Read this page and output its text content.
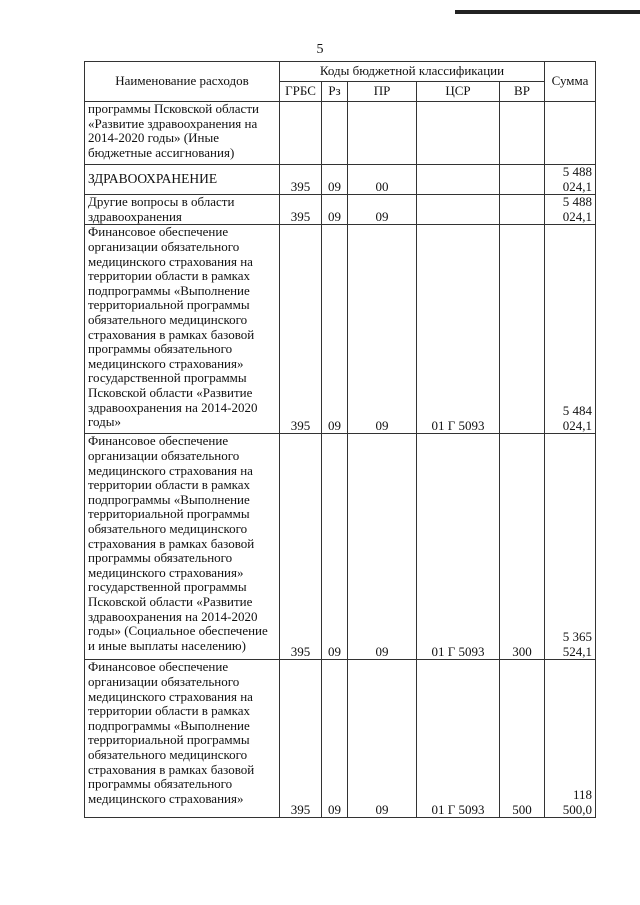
5
Наименование расходов	Коды бюджетной классификации					Сумма
	ГРБС	Рз	ПР	ЦСР	ВР	
программы Псковской области «Развитие здравоохранения на 2014-2020 годы» (Иные бюджетные ассигнования)						
ЗДРАВООХРАНЕНИЕ	395	09	00			5 488 024,1
Другие вопросы в области здравоохранения	395	09	09			5 488 024,1
Финансовое обеспечение организации обязательного медицинского страхования на территории области в рамках подпрограммы «Выполнение территориальной программы обязательного медицинского страхования в рамках базовой программы обязательного медицинского страхования» государственной программы Псковской области «Развитие здравоохранения на 2014-2020 годы»	395	09	09	01 Г 5093		5 484 024,1
Финансовое обеспечение организации обязательного медицинского страхования на территории области в рамках подпрограммы «Выполнение территориальной программы обязательного медицинского страхования в рамках базовой программы обязательного медицинского страхования» государственной программы Псковской области «Развитие здравоохранения на 2014-2020 годы» (Социальное обеспечение и иные выплаты населению)	395	09	09	01 Г 5093	300	5 365 524,1
Финансовое обеспечение организации обязательного медицинского страхования на территории области в рамках подпрограммы «Выполнение территориальной программы обязательного медицинского страхования в рамках базовой программы обязательного медицинского страхования»	395	09	09	01 Г 5093	500	118 500,0
